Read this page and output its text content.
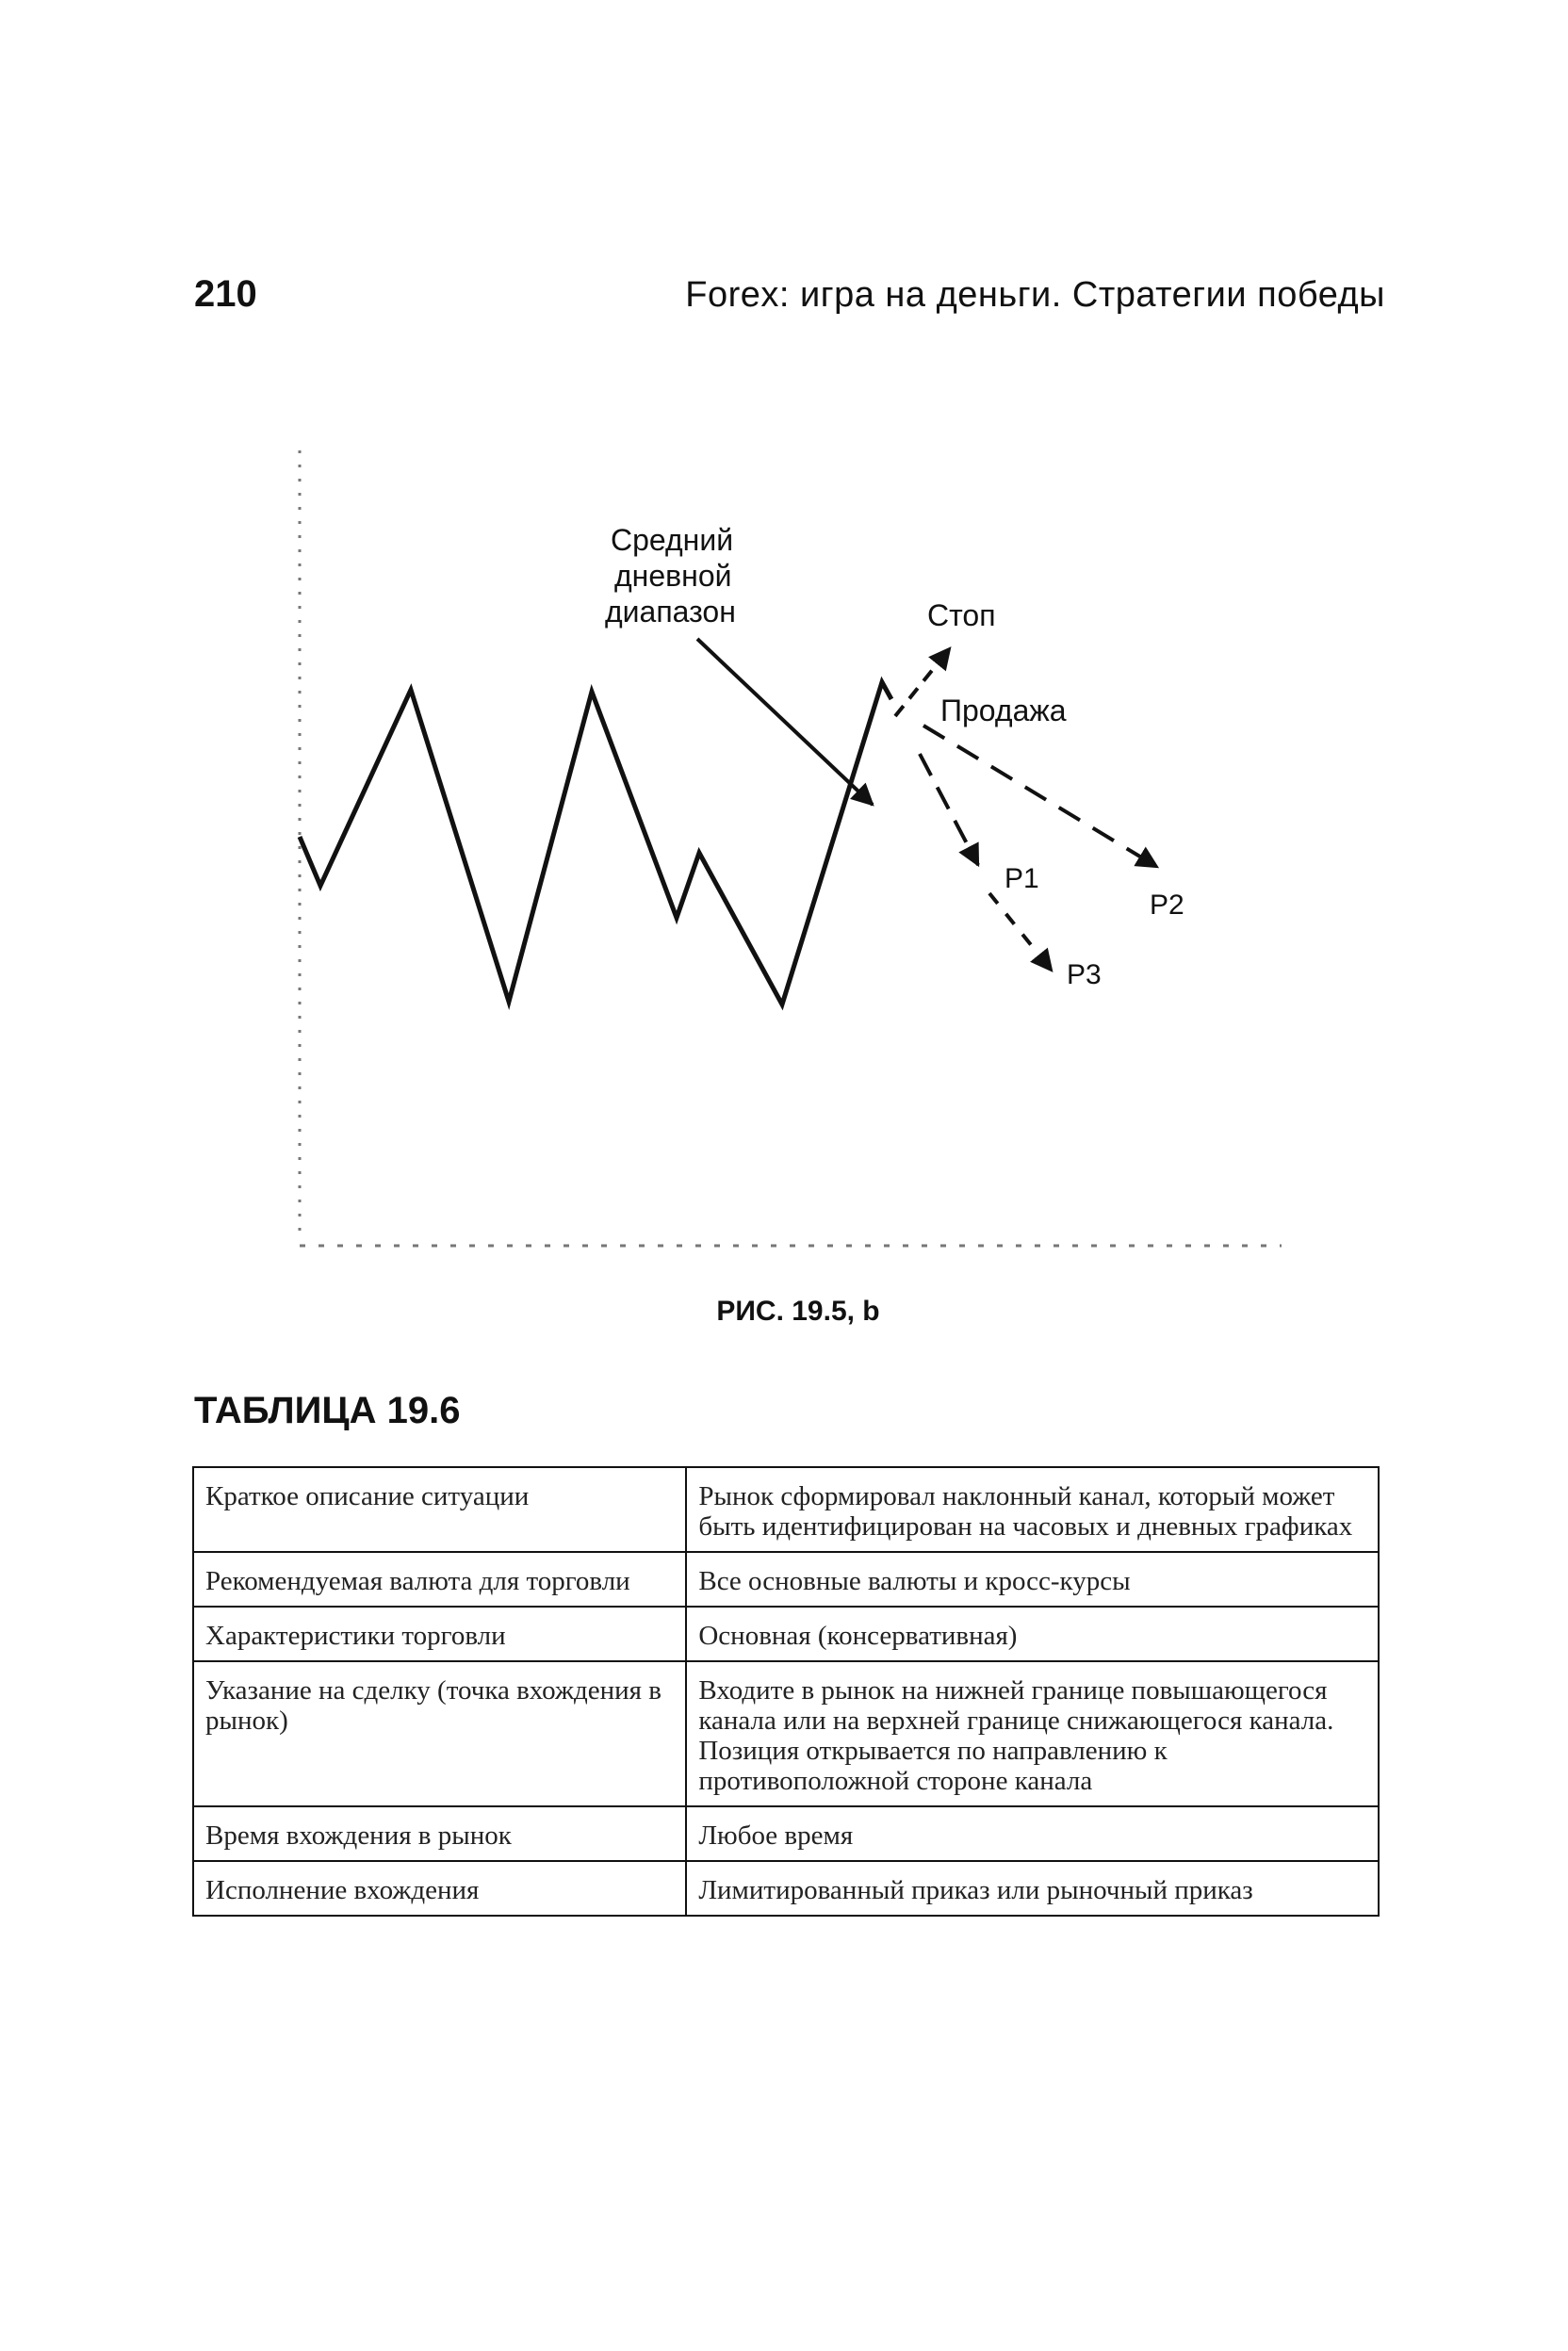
210	Forex: игра на деньги. Стратегии победы
Средний
дневной
диапазон	Стоп
Продажа
P1
P2
P3
РИС. 19.5, b
ТАБЛИЦА 19.6
Краткое описание ситуации	Рынок сформировал наклонный канал, который может быть идентифицирован на часовых и дневных графиках
Рекомендуемая валюта для торговли	Все основные валюты и кросс-курсы
Характеристики торговли	Основная (консервативная)
Указание на сделку (точка вхождения в рынок)	Входите в рынок на нижней границе повышающегося канала или на верхней границе снижающегося канала. Позиция открывается по направлению к противоположной стороне канала
Время вхождения в рынок	Любое время
Исполнение вхождения	Лимитированный приказ или рыночный приказ
